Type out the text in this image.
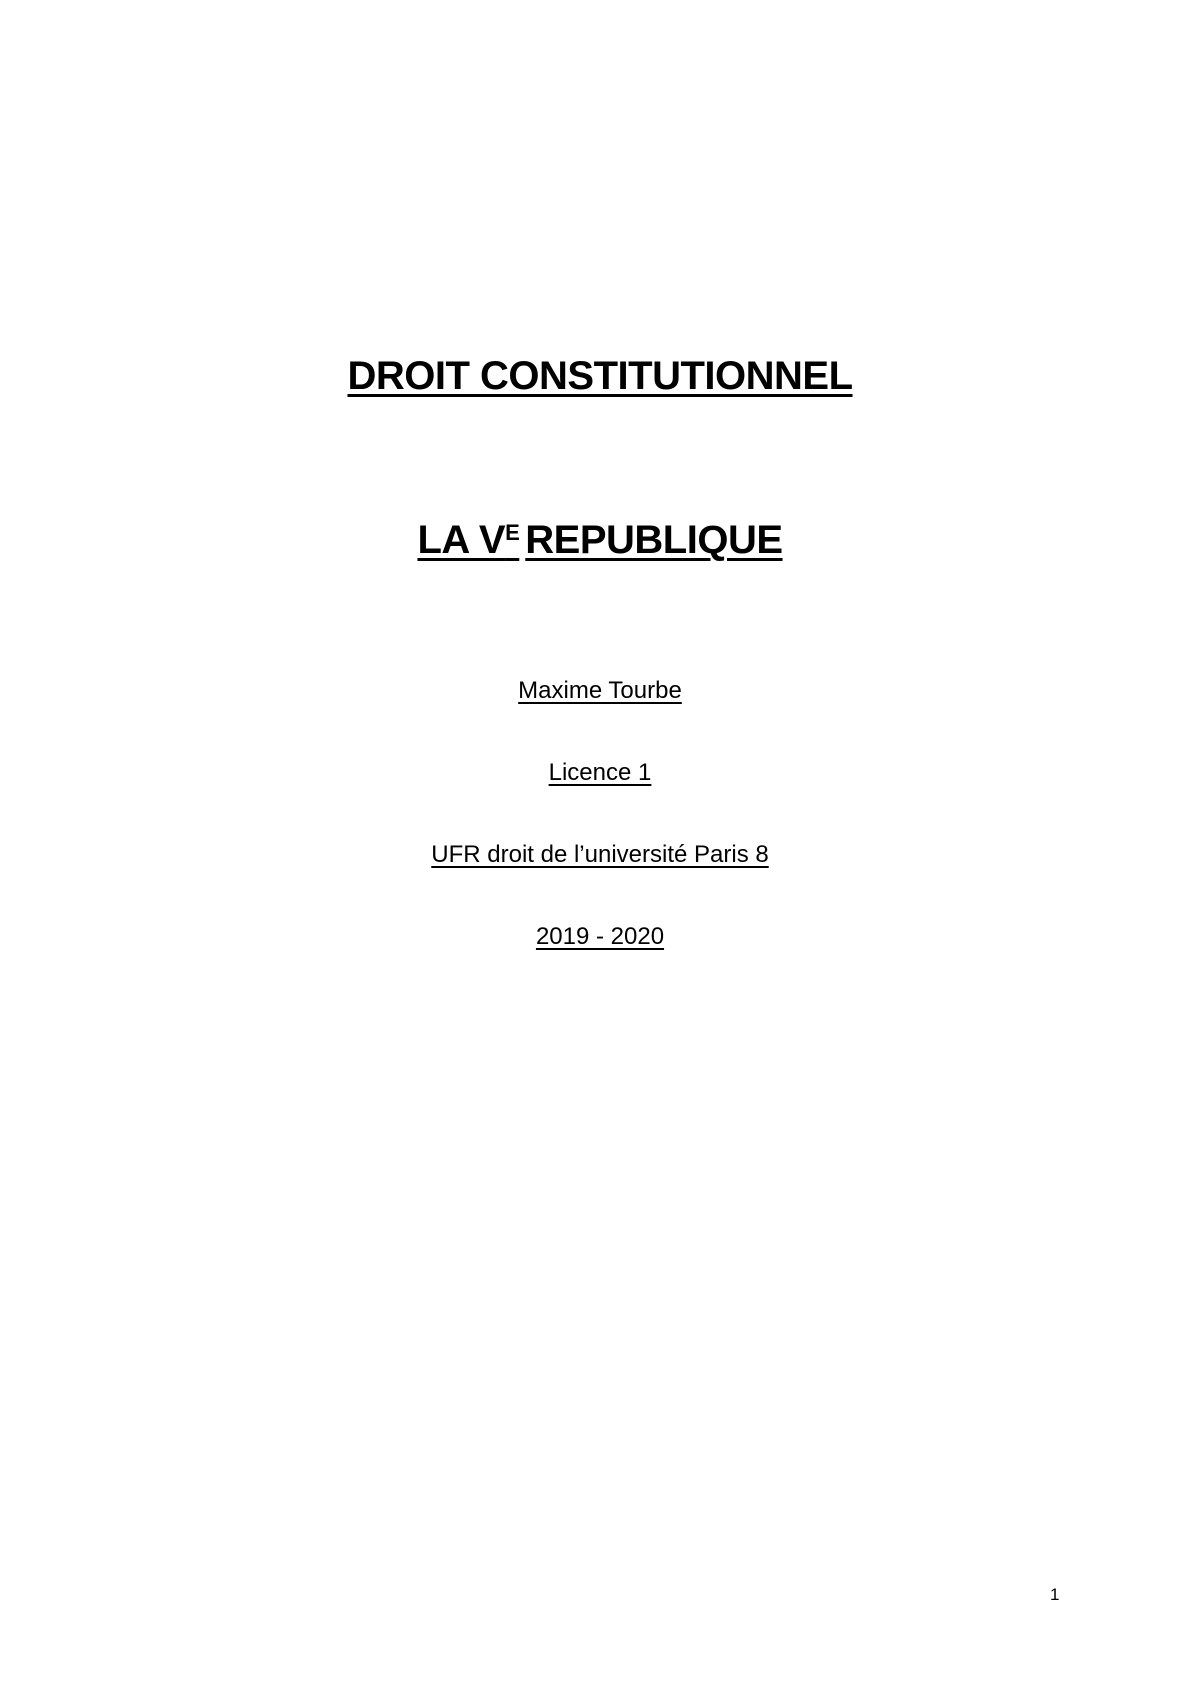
DROIT CONSTITUTIONNEL
LA $V^E$ REPUBLIQUE
Maxime Tourbe
Licence 1
UFR droit de l’université Paris 8
2019 - 2020
1
